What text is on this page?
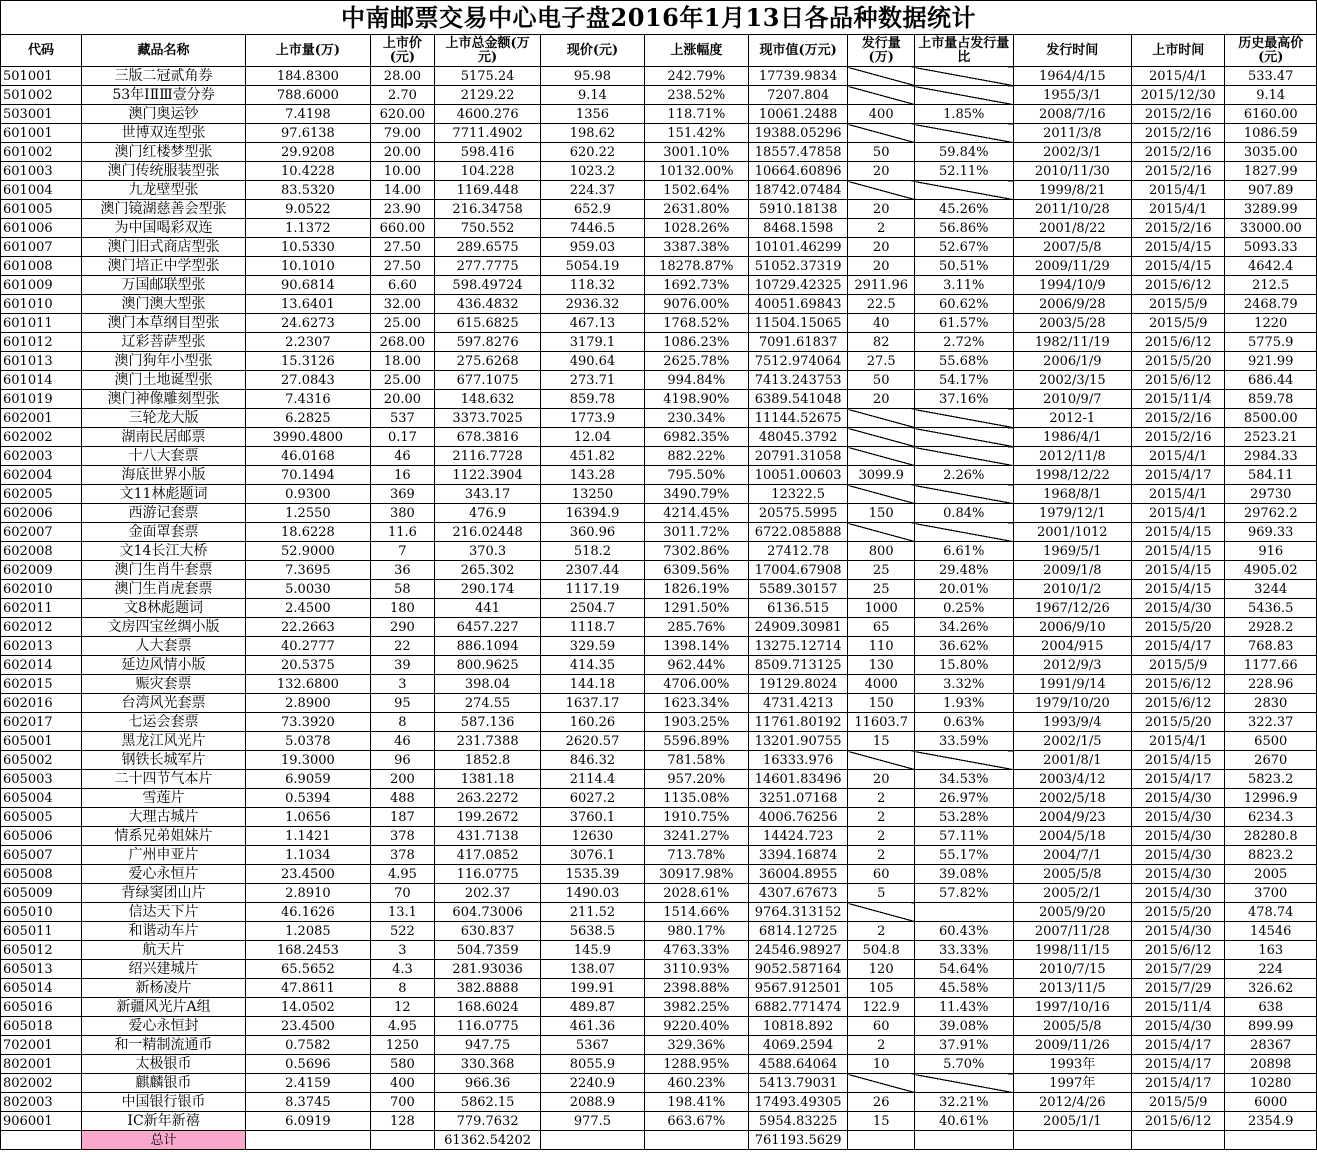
中南邮票交易中心电子盘2016年1月13日各品种数据统计												
代码	藏品名称	上市量(万)	上市价(元)	上市总金额(万元)	现价(元)	上涨幅度	现市值(万元)	发行量(万)	上市量占发行量比	发行时间	上市时间	历史最高价(元)
501001	三版二冠贰角券	184.8300	28.00	5175.24	95.98	242.79%	17739.9834			1964/4/15	2015/4/1	533.47
501002	53年ⅠⅡⅢ壹分券	788.6000	2.70	2129.22	9.14	238.52%	7207.804			1955/3/1	2015/12/30	9.14
503001	澳门奥运钞	7.4198	620.00	4600.276	1356	118.71%	10061.2488	400	1.85%	2008/7/16	2015/2/16	6160.00
601001	世博双连型张	97.6138	79.00	7711.4902	198.62	151.42%	19388.05296			2011/3/8	2015/2/16	1086.59
601002	澳门红楼梦型张	29.9208	20.00	598.416	620.22	3001.10%	18557.47858	50	59.84%	2002/3/1	2015/2/16	3035.00
601003	澳门传统服装型张	10.4228	10.00	104.228	1023.2	10132.00%	10664.60896	20	52.11%	2010/11/30	2015/2/16	1827.99
601004	九龙壁型张	83.5320	14.00	1169.448	224.37	1502.64%	18742.07484			1999/8/21	2015/4/1	907.89
601005	澳门镜湖慈善会型张	9.0522	23.90	216.34758	652.9	2631.80%	5910.18138	20	45.26%	2011/10/28	2015/4/1	3289.99
601006	为中国喝彩双连	1.1372	660.00	750.552	7446.5	1028.26%	8468.1598	2	56.86%	2001/8/22	2015/2/16	33000.00
601007	澳门旧式商店型张	10.5330	27.50	289.6575	959.03	3387.38%	10101.46299	20	52.67%	2007/5/8	2015/4/15	5093.33
601008	澳门培正中学型张	10.1010	27.50	277.7775	5054.19	18278.87%	51052.37319	20	50.51%	2009/11/29	2015/4/15	4642.4
601009	万国邮联型张	90.6814	6.60	598.49724	118.32	1692.73%	10729.42325	2911.96	3.11%	1994/10/9	2015/6/12	212.5
601010	澳门澳大型张	13.6401	32.00	436.4832	2936.32	9076.00%	40051.69843	22.5	60.62%	2006/9/28	2015/5/9	2468.79
601011	澳门本草纲目型张	24.6273	25.00	615.6825	467.13	1768.52%	11504.15065	40	61.57%	2003/5/28	2015/5/9	1220
601012	辽彩菩萨型张	2.2307	268.00	597.8276	3179.1	1086.23%	7091.61837	82	2.72%	1982/11/19	2015/6/12	5775.9
601013	澳门狗年小型张	15.3126	18.00	275.6268	490.64	2625.78%	7512.974064	27.5	55.68%	2006/1/9	2015/5/20	921.99
601014	澳门土地诞型张	27.0843	25.00	677.1075	273.71	994.84%	7413.243753	50	54.17%	2002/3/15	2015/6/12	686.44
601019	澳门神像雕刻型张	7.4316	20.00	148.632	859.78	4198.90%	6389.541048	20	37.16%	2010/9/7	2015/11/4	859.78
602001	三轮龙大版	6.2825	537	3373.7025	1773.9	230.34%	11144.52675			2012-1	2015/2/16	8500.00
602002	湖南民居邮票	3990.4800	0.17	678.3816	12.04	6982.35%	48045.3792			1986/4/1	2015/2/16	2523.21
602003	十八大套票	46.0168	46	2116.7728	451.82	882.22%	20791.31058			2012/11/8	2015/4/1	2984.33
602004	海底世界小版	70.1494	16	1122.3904	143.28	795.50%	10051.00603	3099.9	2.26%	1998/12/22	2015/4/17	584.11
602005	文11林彪题词	0.9300	369	343.17	13250	3490.79%	12322.5			1968/8/1	2015/4/1	29730
602006	西游记套票	1.2550	380	476.9	16394.9	4214.45%	20575.5995	150	0.84%	1979/12/1	2015/4/1	29762.2
602007	金面罩套票	18.6228	11.6	216.02448	360.96	3011.72%	6722.085888			2001/1012	2015/4/15	969.33
602008	文14长江大桥	52.9000	7	370.3	518.2	7302.86%	27412.78	800	6.61%	1969/5/1	2015/4/15	916
602009	澳门生肖牛套票	7.3695	36	265.302	2307.44	6309.56%	17004.67908	25	29.48%	2009/1/8	2015/4/15	4905.02
602010	澳门生肖虎套票	5.0030	58	290.174	1117.19	1826.19%	5589.30157	25	20.01%	2010/1/2	2015/4/15	3244
602011	文8林彪题词	2.4500	180	441	2504.7	1291.50%	6136.515	1000	0.25%	1967/12/26	2015/4/30	5436.5
602012	文房四宝丝绸小版	22.2663	290	6457.227	1118.7	285.76%	24909.30981	65	34.26%	2006/9/10	2015/5/20	2928.2
602013	人大套票	40.2777	22	886.1094	329.59	1398.14%	13275.12714	110	36.62%	2004/915	2015/4/17	768.83
602014	延边风情小版	20.5375	39	800.9625	414.35	962.44%	8509.713125	130	15.80%	2012/9/3	2015/5/9	1177.66
602015	赈灾套票	132.6800	3	398.04	144.18	4706.00%	19129.8024	4000	3.32%	1991/9/14	2015/6/12	228.96
602016	台湾风光套票	2.8900	95	274.55	1637.17	1623.34%	4731.4213	150	1.93%	1979/10/20	2015/6/12	2830
602017	七运会套票	73.3920	8	587.136	160.26	1903.25%	11761.80192	11603.7	0.63%	1993/9/4	2015/5/20	322.37
605001	黑龙江风光片	5.0378	46	231.7388	2620.57	5596.89%	13201.90755	15	33.59%	2002/1/5	2015/4/1	6500
605002	钢铁长城军片	19.3000	96	1852.8	846.32	781.58%	16333.976			2001/8/1	2015/4/15	2670
605003	二十四节气本片	6.9059	200	1381.18	2114.4	957.20%	14601.83496	20	34.53%	2003/4/12	2015/4/17	5823.2
605004	雪莲片	0.5394	488	263.2272	6027.2	1135.08%	3251.07168	2	26.97%	2002/5/18	2015/4/30	12996.9
605005	大理古城片	1.0656	187	199.2672	3760.1	1910.75%	4006.76256	2	53.28%	2004/9/23	2015/4/30	6234.3
605006	情系兄弟姐妹片	1.1421	378	431.7138	12630	3241.27%	14424.723	2	57.11%	2004/5/18	2015/4/30	28280.8
605007	广州申亚片	1.1034	378	417.0852	3076.1	713.78%	3394.16874	2	55.17%	2004/7/1	2015/4/30	8823.2
605008	爱心永恒片	23.4500	4.95	116.0775	1535.39	30917.98%	36004.8955	60	39.08%	2005/5/8	2015/4/30	2005
605009	背绿窦团山片	2.8910	70	202.37	1490.03	2028.61%	4307.67673	5	57.82%	2005/2/1	2015/4/30	3700
605010	信达天下片	46.1626	13.1	604.73006	211.52	1514.66%	9764.313152			2005/9/20	2015/5/20	478.74
605011	和谐动车片	1.2085	522	630.837	5638.5	980.17%	6814.12725	2	60.43%	2007/11/28	2015/4/30	14546
605012	航天片	168.2453	3	504.7359	145.9	4763.33%	24546.98927	504.8	33.33%	1998/11/15	2015/6/12	163
605013	绍兴建城片	65.5652	4.3	281.93036	138.07	3110.93%	9052.587164	120	54.64%	2010/7/15	2015/7/29	224
605014	新杨凌片	47.8611	8	382.8888	199.91	2398.88%	9567.912501	105	45.58%	2013/11/5	2015/7/29	326.62
605016	新疆风光片A组	14.0502	12	168.6024	489.87	3982.25%	6882.771474	122.9	11.43%	1997/10/16	2015/11/4	638
605018	爱心永恒封	23.4500	4.95	116.0775	461.36	9220.40%	10818.892	60	39.08%	2005/5/8	2015/4/30	899.99
702001	和一精制流通币	0.7582	1250	947.75	5367	329.36%	4069.2594	2	37.91%	2009/11/26	2015/4/17	28367
802001	太极银币	0.5696	580	330.368	8055.9	1288.95%	4588.64064	10	5.70%	1993年	2015/4/17	20898
802002	麒麟银币	2.4159	400	966.36	2240.9	460.23%	5413.79031			1997年	2015/4/17	10280
802003	中国银行银币	8.3745	700	5862.15	2088.9	198.41%	17493.49305	26	32.21%	2012/4/26	2015/5/9	6000
906001	IC新年新禧	6.0919	128	779.7632	977.5	663.67%	5954.83225	15	40.61%	2005/1/1	2015/6/12	2354.9
	总计			61362.54202			761193.5629					
